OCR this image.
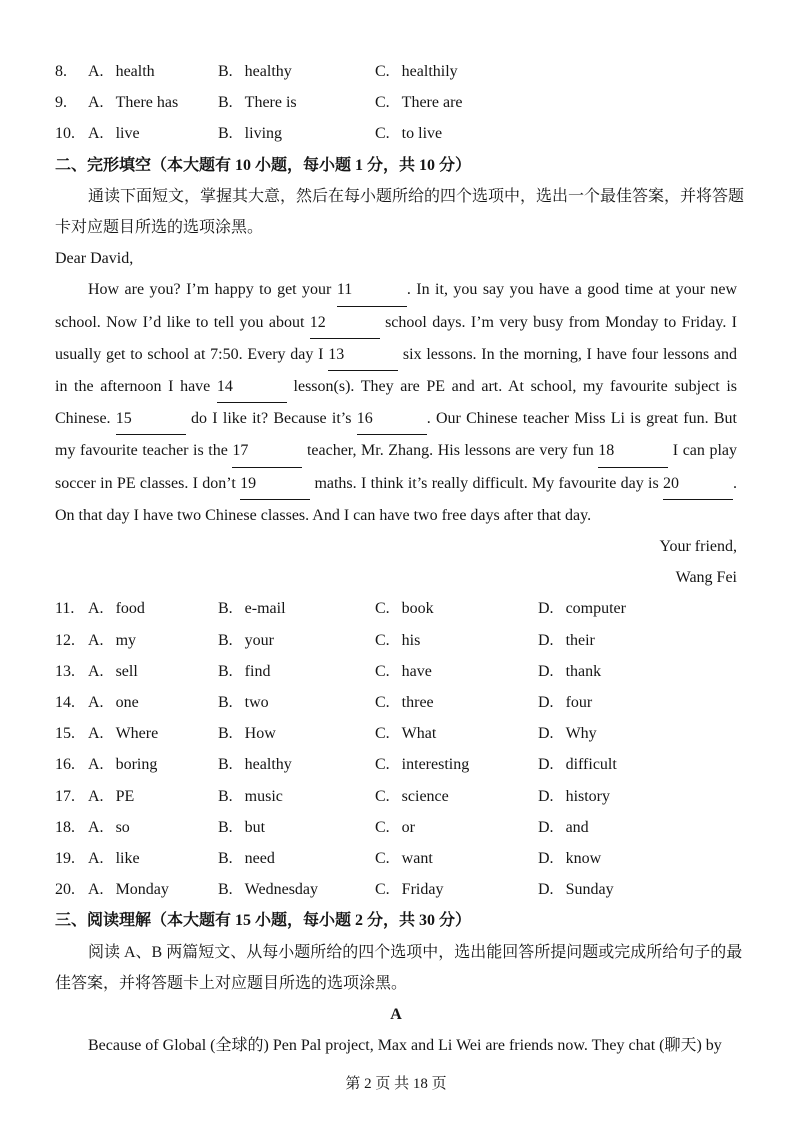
8.	A. health	B. healthy	C. healthily
9.	A. There has	B. There is	C. There are
10. A. live	B. living	C. to live
二、完形填空（本大题有 10 小题，每小题 1 分，共 10 分）
通读下面短文，掌握其大意，然后在每小题所给的四个选项中，选出一个最佳答案，并将答题
卡对应题目所选的选项涂黑。
Dear David,
How are you? I’m happy to get your 11	. In it, you say you have a good time at your new
school. Now I’d like to tell you about 12	school days. I’m very busy from Monday to Friday. I
usually get to school at 7:50. Every day I 13	six lessons. In the morning, I have four lessons and
in the afternoon I have 14	lesson(s). They are PE and art. At school, my favourite subject is
Chinese. 15	do I like it? Because it’s 16	. Our Chinese teacher Miss Li is great fun. But
my favourite teacher is the 17	teacher, Mr. Zhang. His lessons are very fun 18	I can play
soccer in PE classes. I don’t 19	maths. I think it’s really difficult. My favourite day is 20	.
On that day I have two Chinese classes. And I can have two free days after that day.
Your friend,
Wang Fei
11. A. food	B. e-mail	C. book	D. computer
12. A. my	B. your	C. his	D. their
13. A. sell	B. find	C. have	D. thank
14. A. one	B. two	C. three	D. four
15. A. Where	B. How	C. What	D. Why
16. A. boring	B. healthy	C. interesting	D. difficult
17. A. PE	B. music	C. science	D. history
18. A. so	B. but	C. or	D. and
19. A. like	B. need	C. want	D. know
20. A. Monday	B. Wednesday	C. Friday	D. Sunday
三、阅读理解（本大题有 15 小题，每小题 2 分，共 30 分）
阅读 A、B 两篇短文、从每小题所给的四个选项中，选出能回答所提问题或完成所给句子的最
佳答案，并将答题卡上对应题目所选的选项涂黑。
A
Because of Global (全球的) Pen Pal project, Max and Li Wei are friends now. They chat (聊天) by
第 2 页 共 18 页
